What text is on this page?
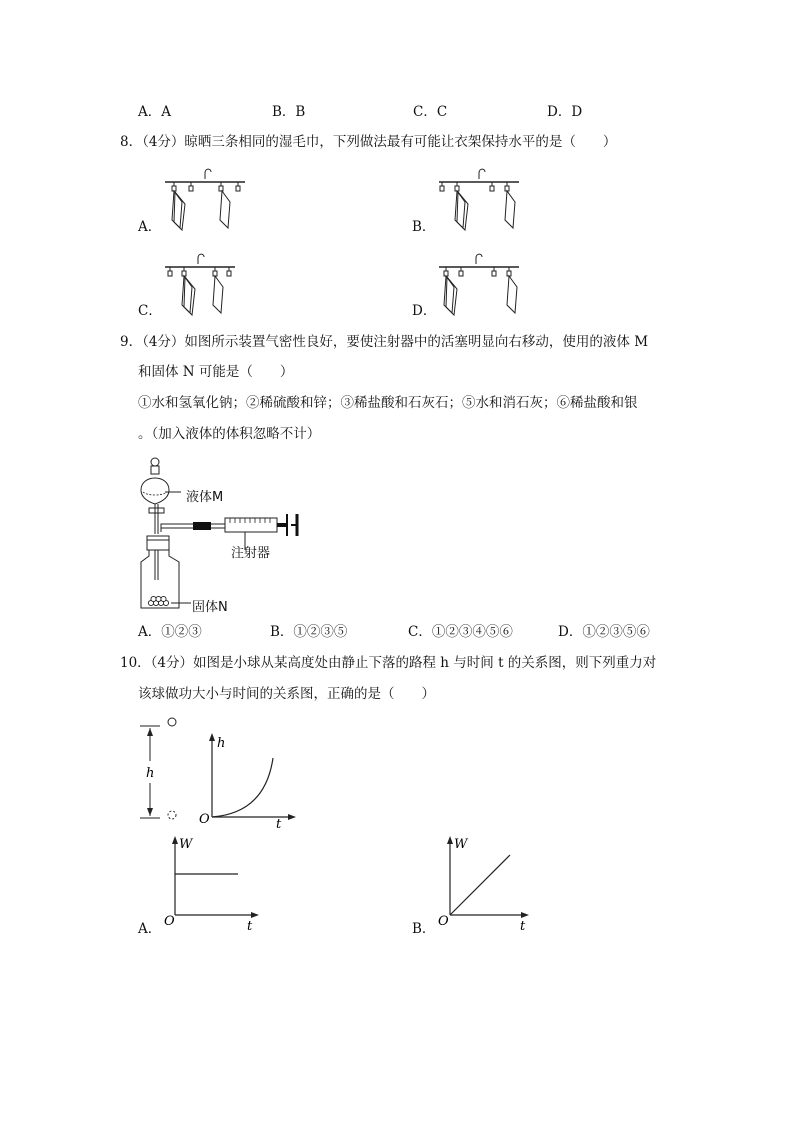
A．A	B．B	C．C	D．D
8．（4分）晾晒三条相同的湿毛巾，下列做法最有可能让衣架保持水平的是（　　）
A．	B．
C．	D．
9．（4分）如图所示装置气密性良好，要使注射器中的活塞明显向右移动，使用的液体 M
和固体 N 可能是（　　）
①水和氢氧化钠；②稀硫酸和锌；③稀盐酸和石灰石；⑤水和消石灰；⑥稀盐酸和银
。（加入液体的体积忽略不计）
液体M
注射器
固体N
A．①②③	B．①②③⑤	C．①②③④⑤⑥	D．①②③⑤⑥
10．（4分）如图是小球从某高度处由静止下落的路程 h 与时间 t 的关系图，则下列重力对
该球做功大小与时间的关系图，正确的是（　　）
h
h
t
O
W
t
O
A．
W
t
O
B．
